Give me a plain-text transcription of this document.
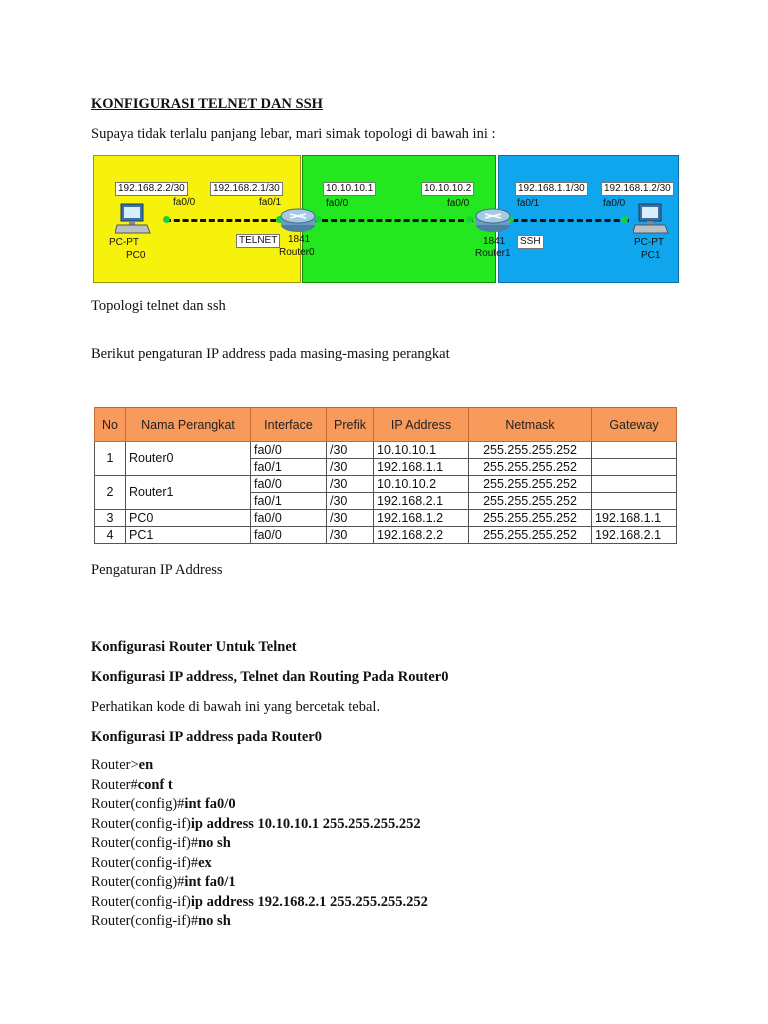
KONFIGURASI TELNET DAN SSH
Supaya tidak terlalu panjang lebar, mari simak topologi di bawah ini :
192.168.2.2/30
fa0/0
192.168.2.1/30
fa0/1
10.10.10.1
fa0/0
10.10.10.2
fa0/0
192.168.1.1/30
fa0/1
192.168.1.2/30
fa0/0
TELNET	1841
Router0
1841	SSH
Router1
PC-PT
PC0
PC-PT
PC1
Topologi telnet dan ssh
Berikut pengaturan IP address pada masing-masing perangkat
No	Nama Perangkat	Interface	Prefik	IP Address	Netmask	Gateway
1	Router0	fa0/0	/30	10.10.10.1	255.255.255.252	
		fa0/1	/30	192.168.1.1	255.255.255.252	
2	Router1	fa0/0	/30	10.10.10.2	255.255.255.252	
		fa0/1	/30	192.168.2.1	255.255.255.252	
3	PC0	fa0/0	/30	192.168.1.2	255.255.255.252	192.168.1.1
4	PC1	fa0/0	/30	192.168.2.2	255.255.255.252	192.168.2.1
Pengaturan IP Address
Konfigurasi Router Untuk Telnet
Konfigurasi IP address, Telnet dan Routing Pada Router0
Perhatikan kode di bawah ini yang bercetak tebal.
Konfigurasi IP address pada Router0
Router>en
Router#conf t
Router(config)#int fa0/0
Router(config-if)ip address 10.10.10.1 255.255.255.252
Router(config-if)#no sh
Router(config-if)#ex
Router(config)#int fa0/1
Router(config-if)ip address 192.168.2.1 255.255.255.252
Router(config-if)#no sh
